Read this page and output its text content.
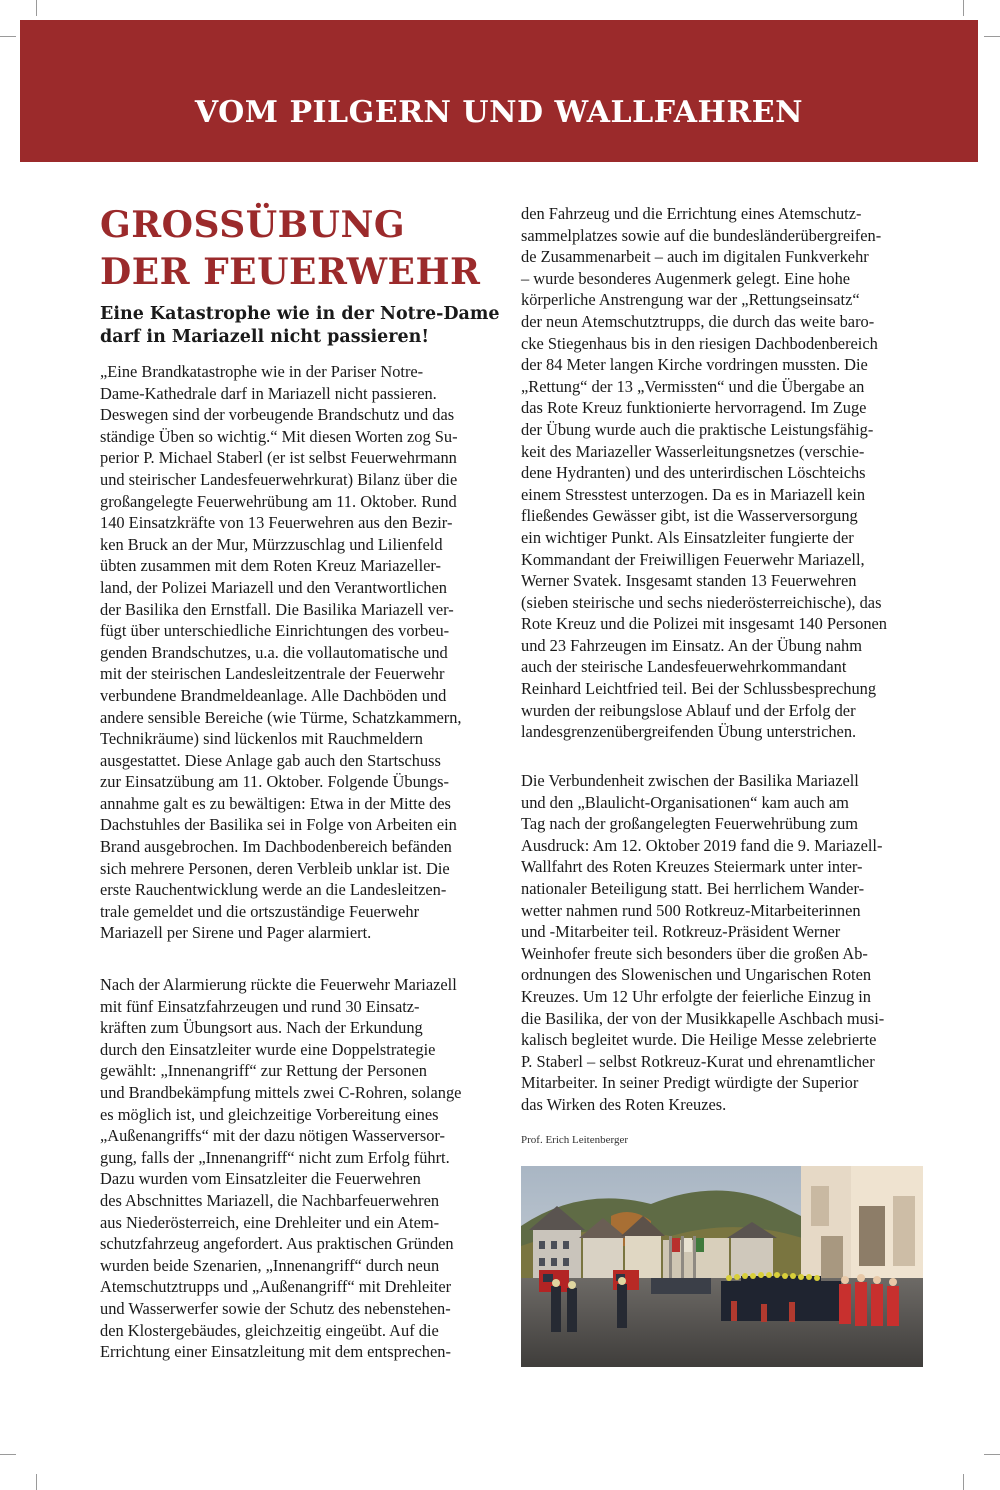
VOM PILGERN UND WALLFAHREN
GROSSÜBUNG
DER FEUERWEHR
Eine Katastrophe wie in der Notre-Dame
darf in Mariazell nicht passieren!

„Eine Brandkatastrophe wie in der Pariser Notre-
Dame-Kathedrale darf in Mariazell nicht passieren.
Deswegen sind der vorbeugende Brandschutz und das
ständige Üben so wichtig.“ Mit diesen Worten zog Su-
perior P. Michael Staberl (er ist selbst Feuerwehrmann
und steirischer Landesfeuerwehrkurat) Bilanz über die
großangelegte Feuerwehrübung am 11. Oktober. Rund
140 Einsatzkräfte von 13 Feuerwehren aus den Bezir-
ken Bruck an der Mur, Mürzzuschlag und Lilienfeld
übten zusammen mit dem Roten Kreuz Mariazeller-
land, der Polizei Mariazell und den Verantwortlichen
der Basilika den Ernstfall. Die Basilika Mariazell ver-
fügt über unterschiedliche Einrichtungen des vorbeu-
genden Brandschutzes, u.a. die vollautomatische und
mit der steirischen Landesleitzentrale der Feuerwehr
verbundene Brandmeldeanlage. Alle Dachböden und
andere sensible Bereiche (wie Türme, Schatzkammern,
Technikräume) sind lückenlos mit Rauchmeldern
ausgestattet. Diese Anlage gab auch den Startschuss
zur Einsatzübung am 11. Oktober. Folgende Übungs-
annahme galt es zu bewältigen: Etwa in der Mitte des
Dachstuhles der Basilika sei in Folge von Arbeiten ein
Brand ausgebrochen. Im Dachbodenbereich befänden
sich mehrere Personen, deren Verbleib unklar ist. Die
erste Rauchentwicklung werde an die Landesleitzen-
trale gemeldet und die ortszuständige Feuerwehr
Mariazell per Sirene und Pager alarmiert.

Nach der Alarmierung rückte die Feuerwehr Mariazell
mit fünf Einsatzfahrzeugen und rund 30 Einsatz-
kräften zum Übungsort aus. Nach der Erkundung
durch den Einsatzleiter wurde eine Doppelstrategie
gewählt: „Innenangriff“ zur Rettung der Personen
und Brandbekämpfung mittels zwei C-Rohren, solange
es möglich ist, und gleichzeitige Vorbereitung eines
„Außenangriffs“ mit der dazu nötigen Wasserversor-
gung, falls der „Innenangriff“ nicht zum Erfolg führt.
Dazu wurden vom Einsatzleiter die Feuerwehren
des Abschnittes Mariazell, die Nachbarfeuerwehren
aus Niederösterreich, eine Drehleiter und ein Atem-
schutzfahrzeug angefordert. Aus praktischen Gründen
wurden beide Szenarien, „Innenangriff“ durch neun
Atemschutztrupps und „Außenangriff“ mit Drehleiter
und Wasserwerfer sowie der Schutz des nebenstehen-
den Klostergebäudes, gleichzeitig eingeübt. Auf die
Errichtung einer Einsatzleitung mit dem entsprechen-

den Fahrzeug und die Errichtung eines Atemschutz-
sammelplatzes sowie auf die bundesländerübergreifen-
de Zusammenarbeit – auch im digitalen Funkverkehr
– wurde besonderes Augenmerk gelegt. Eine hohe
körperliche Anstrengung war der „Rettungseinsatz“
der neun Atemschutztrupps, die durch das weite baro-
cke Stiegenhaus bis in den riesigen Dachbodenbereich
der 84 Meter langen Kirche vordringen mussten. Die
„Rettung“ der 13 „Vermissten“ und die Übergabe an
das Rote Kreuz funktionierte hervorragend. Im Zuge
der Übung wurde auch die praktische Leistungsfähig-
keit des Mariazeller Wasserleitungsnetzes (verschie-
dene Hydranten) und des unterirdischen Löschteichs
einem Stresstest unterzogen. Da es in Mariazell kein
fließendes Gewässer gibt, ist die Wasserversorgung
ein wichtiger Punkt. Als Einsatzleiter fungierte der
Kommandant der Freiwilligen Feuerwehr Mariazell,
Werner Svatek. Insgesamt standen 13 Feuerwehren
(sieben steirische und sechs niederösterreichische), das
Rote Kreuz und die Polizei mit insgesamt 140 Personen
und 23 Fahrzeugen im Einsatz. An der Übung nahm
auch der steirische Landesfeuerwehrkommandant
Reinhard Leichtfried teil. Bei der Schlussbesprechung
wurden der reibungslose Ablauf und der Erfolg der
landesgrenzenübergreifenden Übung unterstrichen.

Die Verbundenheit zwischen der Basilika Mariazell
und den „Blaulicht-Organisationen“ kam auch am
Tag nach der großangelegten Feuerwehrübung zum
Ausdruck: Am 12. Oktober 2019 fand die 9. Mariazell-
Wallfahrt des Roten Kreuzes Steiermark unter inter-
nationaler Beteiligung statt. Bei herrlichem Wander-
wetter nahmen rund 500 Rotkreuz-Mitarbeiterinnen
und -Mitarbeiter teil. Rotkreuz-Präsident Werner
Weinhofer freute sich besonders über die großen Ab-
ordnungen des Slowenischen und Ungarischen Roten
Kreuzes. Um 12 Uhr erfolgte der feierliche Einzug in
die Basilika, der von der Musikkapelle Aschbach musi-
kalisch begleitet wurde. Die Heilige Messe zelebrierte
P. Staberl – selbst Rotkreuz-Kurat und ehrenamtlicher
Mitarbeiter. In seiner Predigt würdigte der Superior
das Wirken des Roten Kreuzes.

Prof. Erich Leitenberger
